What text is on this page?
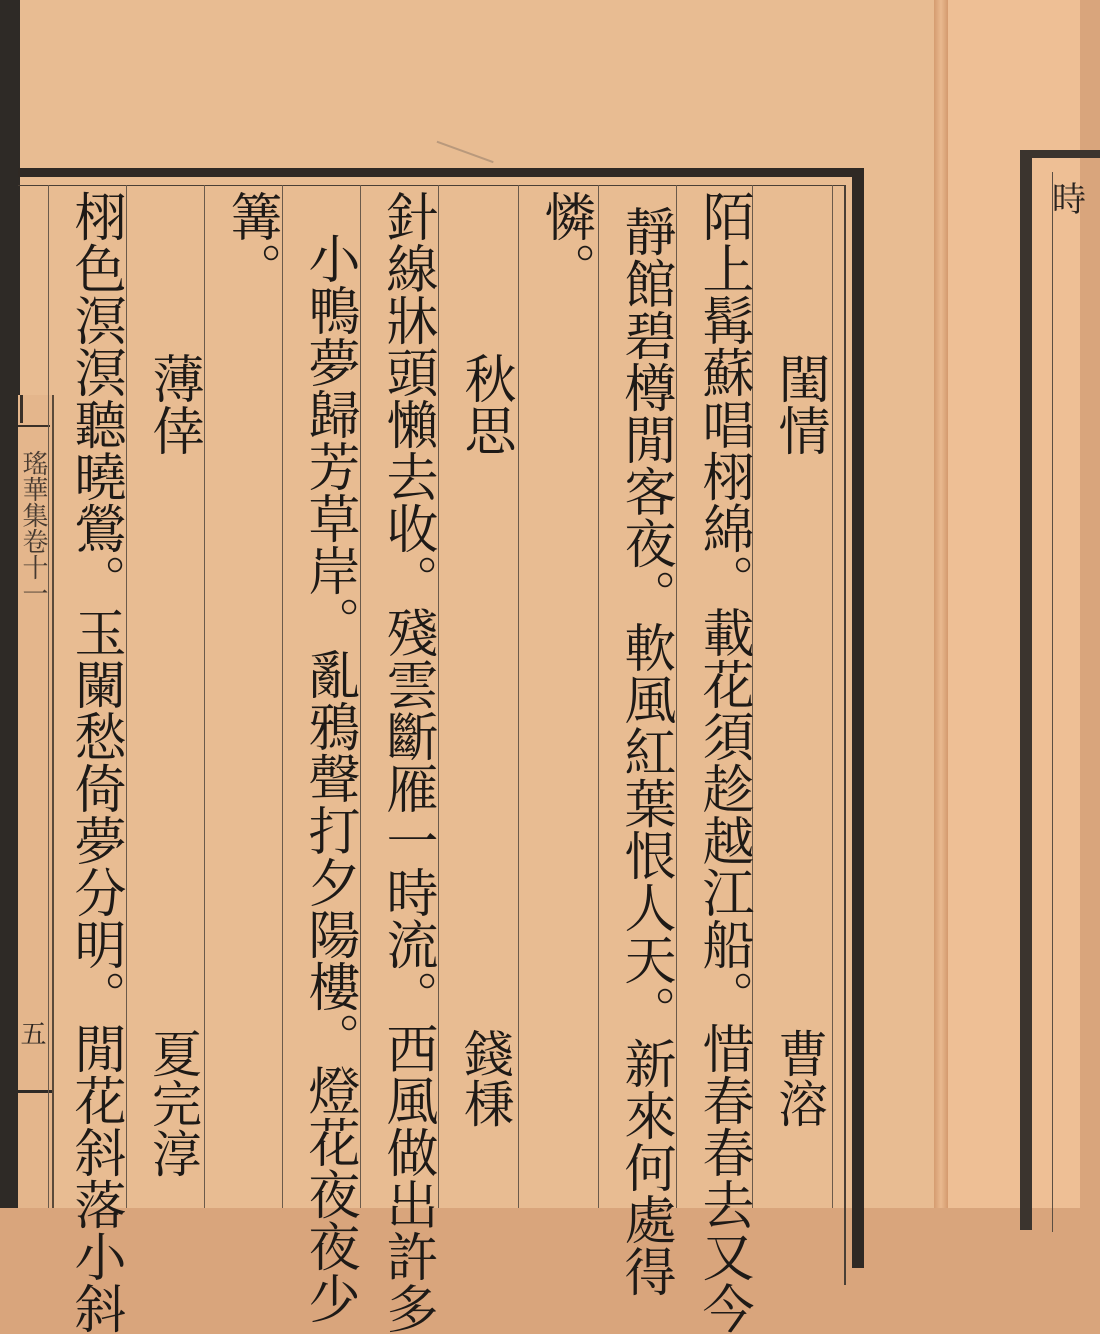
瑤華集卷十一
五
時
閨情
曹溶
陌上髯蘇唱栩綿。載花須趁越江船。惜春春去又今
靜館碧樽閒客夜。軟風紅葉恨人天。新來何處得
憐。
秋思
錢棅
針線牀頭懶去收。殘雲斷雁一時流。西風做出許多
小鴨夢歸芳草岸。亂鴉聲打夕陽樓。燈花夜夜少
篝。
薄倖
夏完淳
栩色溟溟聽曉鶯。玉闌愁倚夢分明。閒花斜落小斜
